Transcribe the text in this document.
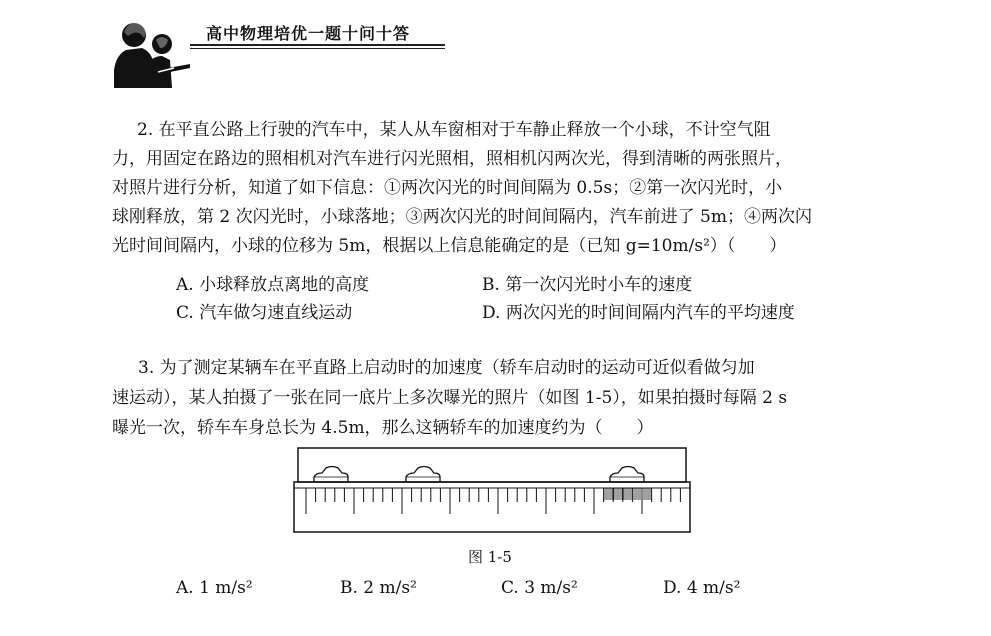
高中物理培优一题十问十答
2. 在平直公路上行驶的汽车中，某人从车窗相对于车静止释放一个小球，不计空气阻
力，用固定在路边的照相机对汽车进行闪光照相，照相机闪两次光，得到清晰的两张照片，
对照片进行分析，知道了如下信息：①两次闪光的时间间隔为 0.5s；②第一次闪光时，小
球刚释放，第 2 次闪光时，小球落地；③两次闪光的时间间隔内，汽车前进了 5m；④两次闪
光时间间隔内，小球的位移为 5m，根据以上信息能确定的是（已知 g=10m/s²）（　　）
A. 小球释放点离地的高度	B. 第一次闪光时小车的速度
C. 汽车做匀速直线运动	D. 两次闪光的时间间隔内汽车的平均速度
3. 为了测定某辆车在平直路上启动时的加速度（轿车启动时的运动可近似看做匀加
速运动），某人拍摄了一张在同一底片上多次曝光的照片（如图 1-5），如果拍摄时每隔 2 s
曝光一次，轿车车身总长为 4.5m，那么这辆轿车的加速度约为（　　）
图 1-5
A. 1 m/s²	B. 2 m/s²	C. 3 m/s²	D. 4 m/s²
